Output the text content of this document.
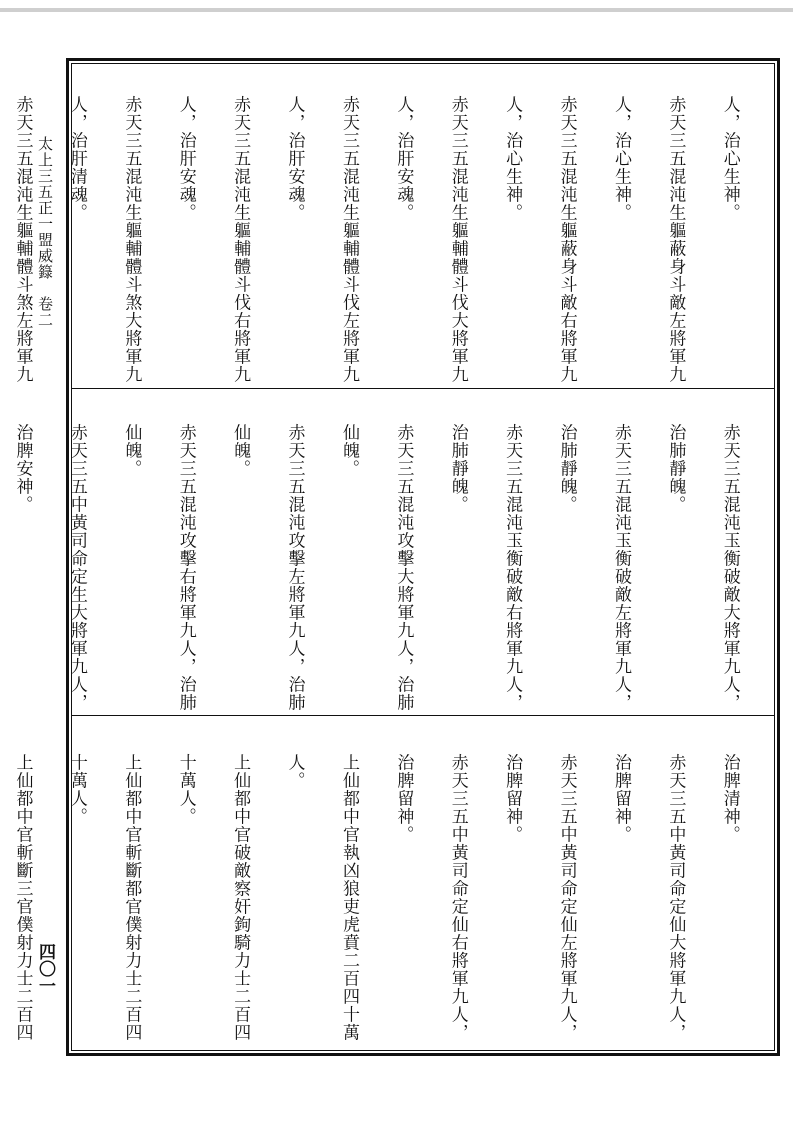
太上三五正一盟威籙　卷二
四〇一

人，治心生神。

赤天三五混沌生軀蔽身斗敵左將軍九

人，治心生神。

赤天三五混沌生軀蔽身斗敵右將軍九

人，治心生神。

赤天三五混沌生軀輔體斗伐大將軍九

人，治肝安魂。

赤天三五混沌生軀輔體斗伐左將軍九

人，治肝安魂。

赤天三五混沌生軀輔體斗伐右將軍九

人，治肝安魂。

赤天三五混沌生軀輔體斗煞大將軍九

人，治肝清魂。

赤天三五混沌生軀輔體斗煞左將軍九

赤天三五混沌玉衡破敵大將軍九人，

治肺靜魄。

赤天三五混沌玉衡破敵左將軍九人，

治肺靜魄。

赤天三五混沌玉衡破敵右將軍九人，

治肺靜魄。

赤天三五混沌攻擊大將軍九人，治肺

仙魄。

赤天三五混沌攻擊左將軍九人，治肺

仙魄。

赤天三五混沌攻擊右將軍九人，治肺

仙魄。

赤天三五中黃司命定生大將軍九人，

治脾安神。

治脾清神。

赤天三五中黃司命定仙大將軍九人，

治脾留神。

赤天三五中黃司命定仙左將軍九人，

治脾留神。

赤天三五中黃司命定仙右將軍九人，

治脾留神。

上仙都中官執凶狼吏虎賁二百四十萬

人。

上仙都中官破敵察奸鉤騎力士二百四

十萬人。

上仙都中官斬斷都官僕射力士二百四

十萬人。

上仙都中官斬斷三官僕射力士二百四
